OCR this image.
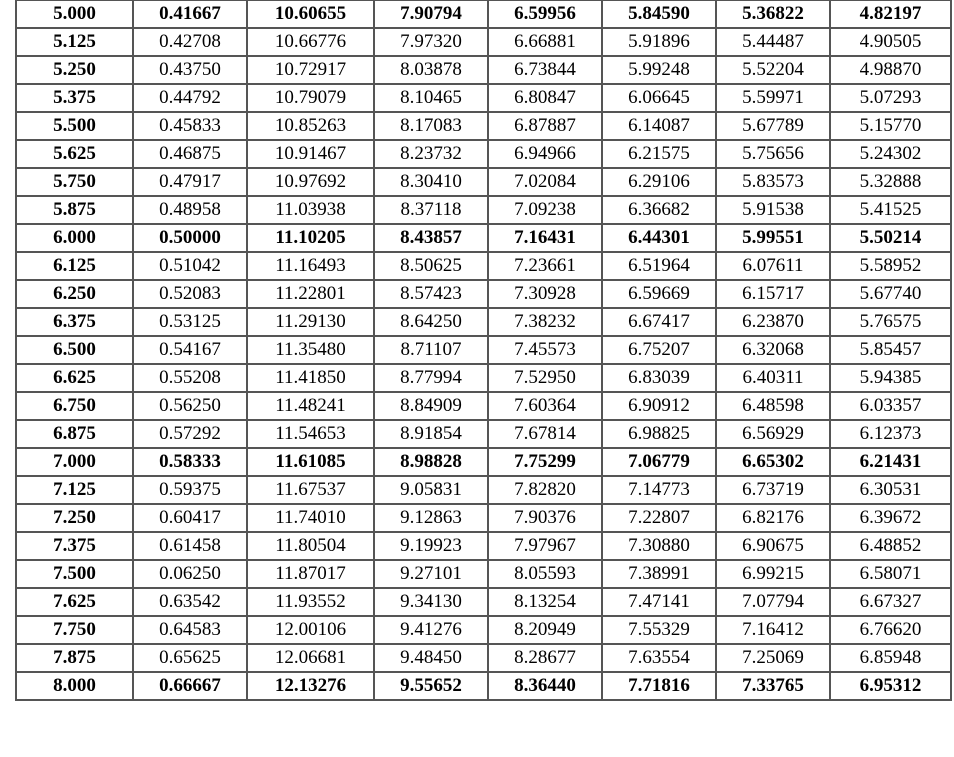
5.000	0.41667	10.60655	7.90794	6.59956	5.84590	5.36822	4.82197
5.125	0.42708	10.66776	7.97320	6.66881	5.91896	5.44487	4.90505
5.250	0.43750	10.72917	8.03878	6.73844	5.99248	5.52204	4.98870
5.375	0.44792	10.79079	8.10465	6.80847	6.06645	5.59971	5.07293
5.500	0.45833	10.85263	8.17083	6.87887	6.14087	5.67789	5.15770
5.625	0.46875	10.91467	8.23732	6.94966	6.21575	5.75656	5.24302
5.750	0.47917	10.97692	8.30410	7.02084	6.29106	5.83573	5.32888
5.875	0.48958	11.03938	8.37118	7.09238	6.36682	5.91538	5.41525
6.000	0.50000	11.10205	8.43857	7.16431	6.44301	5.99551	5.50214
6.125	0.51042	11.16493	8.50625	7.23661	6.51964	6.07611	5.58952
6.250	0.52083	11.22801	8.57423	7.30928	6.59669	6.15717	5.67740
6.375	0.53125	11.29130	8.64250	7.38232	6.67417	6.23870	5.76575
6.500	0.54167	11.35480	8.71107	7.45573	6.75207	6.32068	5.85457
6.625	0.55208	11.41850	8.77994	7.52950	6.83039	6.40311	5.94385
6.750	0.56250	11.48241	8.84909	7.60364	6.90912	6.48598	6.03357
6.875	0.57292	11.54653	8.91854	7.67814	6.98825	6.56929	6.12373
7.000	0.58333	11.61085	8.98828	7.75299	7.06779	6.65302	6.21431
7.125	0.59375	11.67537	9.05831	7.82820	7.14773	6.73719	6.30531
7.250	0.60417	11.74010	9.12863	7.90376	7.22807	6.82176	6.39672
7.375	0.61458	11.80504	9.19923	7.97967	7.30880	6.90675	6.48852
7.500	0.06250	11.87017	9.27101	8.05593	7.38991	6.99215	6.58071
7.625	0.63542	11.93552	9.34130	8.13254	7.47141	7.07794	6.67327
7.750	0.64583	12.00106	9.41276	8.20949	7.55329	7.16412	6.76620
7.875	0.65625	12.06681	9.48450	8.28677	7.63554	7.25069	6.85948
8.000	0.66667	12.13276	9.55652	8.36440	7.71816	7.33765	6.95312
